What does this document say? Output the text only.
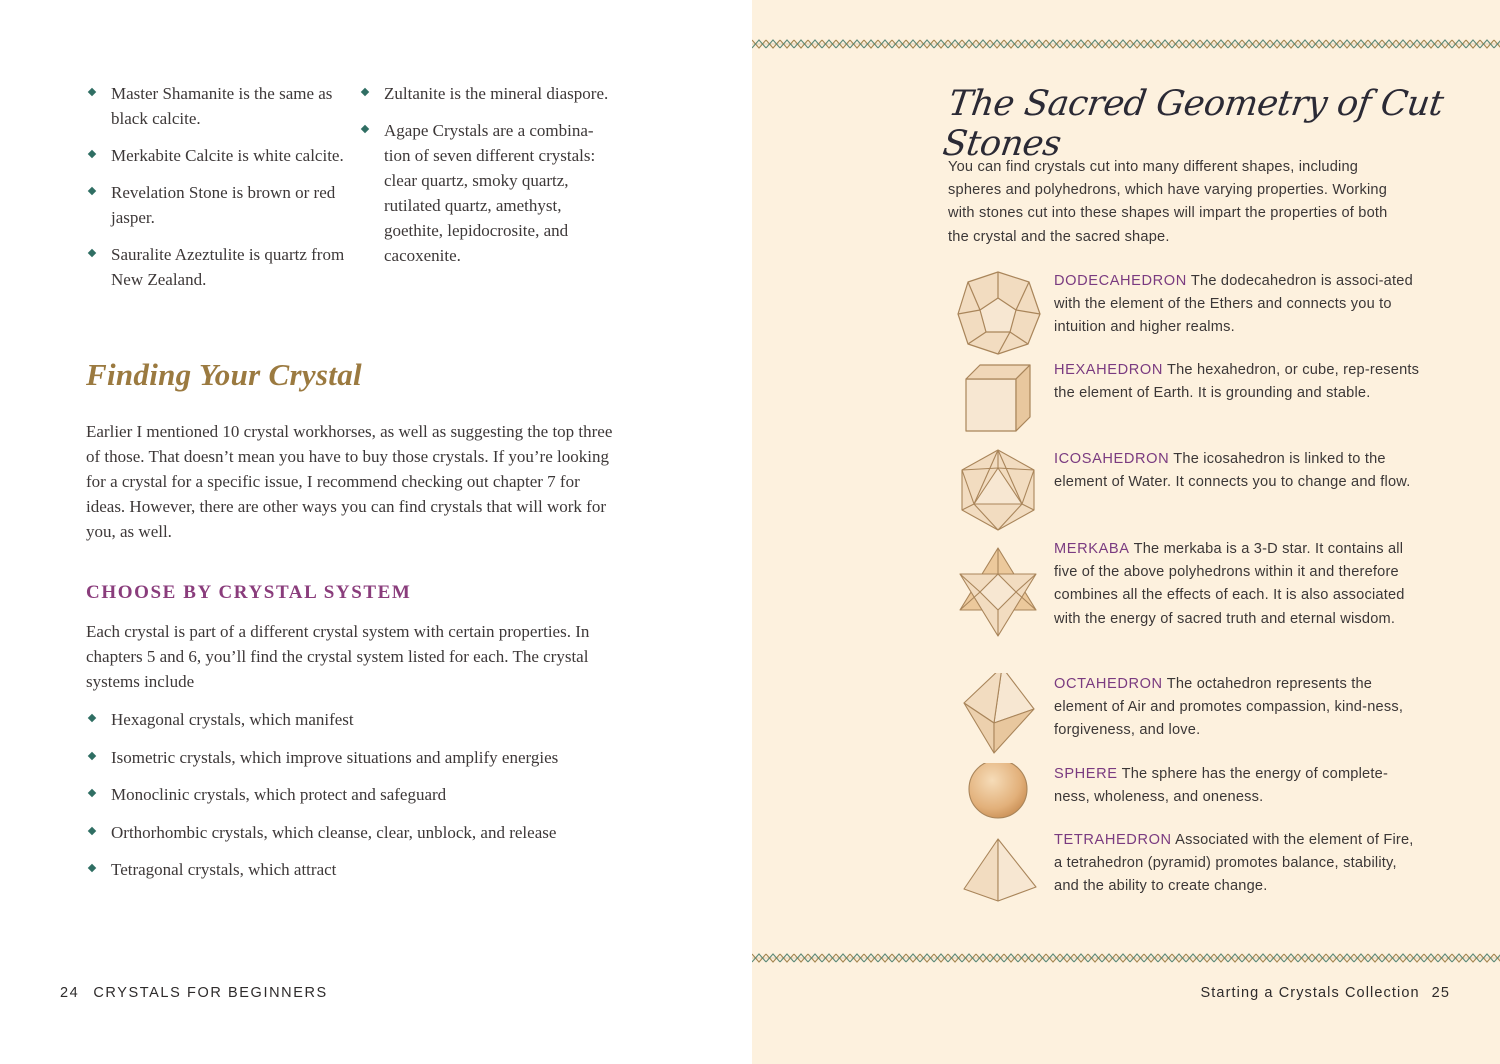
Master Shamanite is the same as black calcite.
Merkabite Calcite is white calcite.
Revelation Stone is brown or red jasper.
Sauralite Azeztulite is quartz from New Zealand.
Zultanite is the mineral diaspore.
Agape Crystals are a combina-tion of seven different crystals: clear quartz, smoky quartz, rutilated quartz, amethyst, goethite, lepidocrosite, and cacoxenite.
Finding Your Crystal

Earlier I mentioned 10 crystal workhorses, as well as suggesting the top three of those. That doesn’t mean you have to buy those crystals. If you’re looking for a crystal for a specific issue, I recommend checking out chapter 7 for ideas. However, there are other ways you can find crystals that will work for you, as well.

CHOOSE BY CRYSTAL SYSTEM

Each crystal is part of a different crystal system with certain properties. In chapters 5 and 6, you’ll find the crystal system listed for each. The crystal systems include

Hexagonal crystals, which manifest
Isometric crystals, which improve situations and amplify energies
Monoclinic crystals, which protect and safeguard
Orthorhombic crystals, which cleanse, clear, unblock, and release
Tetragonal crystals, which attract
24 CRYSTALS FOR BEGINNERS
The Sacred Geometry of Cut Stones

You can find crystals cut into many different shapes, including spheres and polyhedrons, which have varying properties. Working with stones cut into these shapes will impart the properties of both the crystal and the sacred shape.

DODECAHEDRON The dodecahedron is associ-ated with the element of the Ethers and connects you to intuition and higher realms.
HEXAHEDRON The hexahedron, or cube, rep-resents the element of Earth. It is grounding and stable.
ICOSAHEDRON The icosahedron is linked to the element of Water. It connects you to change and flow.
MERKABA The merkaba is a 3-D star. It contains all five of the above polyhedrons within it and therefore combines all the effects of each. It is also associated with the energy of sacred truth and eternal wisdom.
OCTAHEDRON The octahedron represents the element of Air and promotes compassion, kind-ness, forgiveness, and love.
SPHERE The sphere has the energy of complete-ness, wholeness, and oneness.
TETRAHEDRON Associated with the element of Fire, a tetrahedron (pyramid) promotes balance, stability, and the ability to create change.
Starting a Crystals Collection 25
